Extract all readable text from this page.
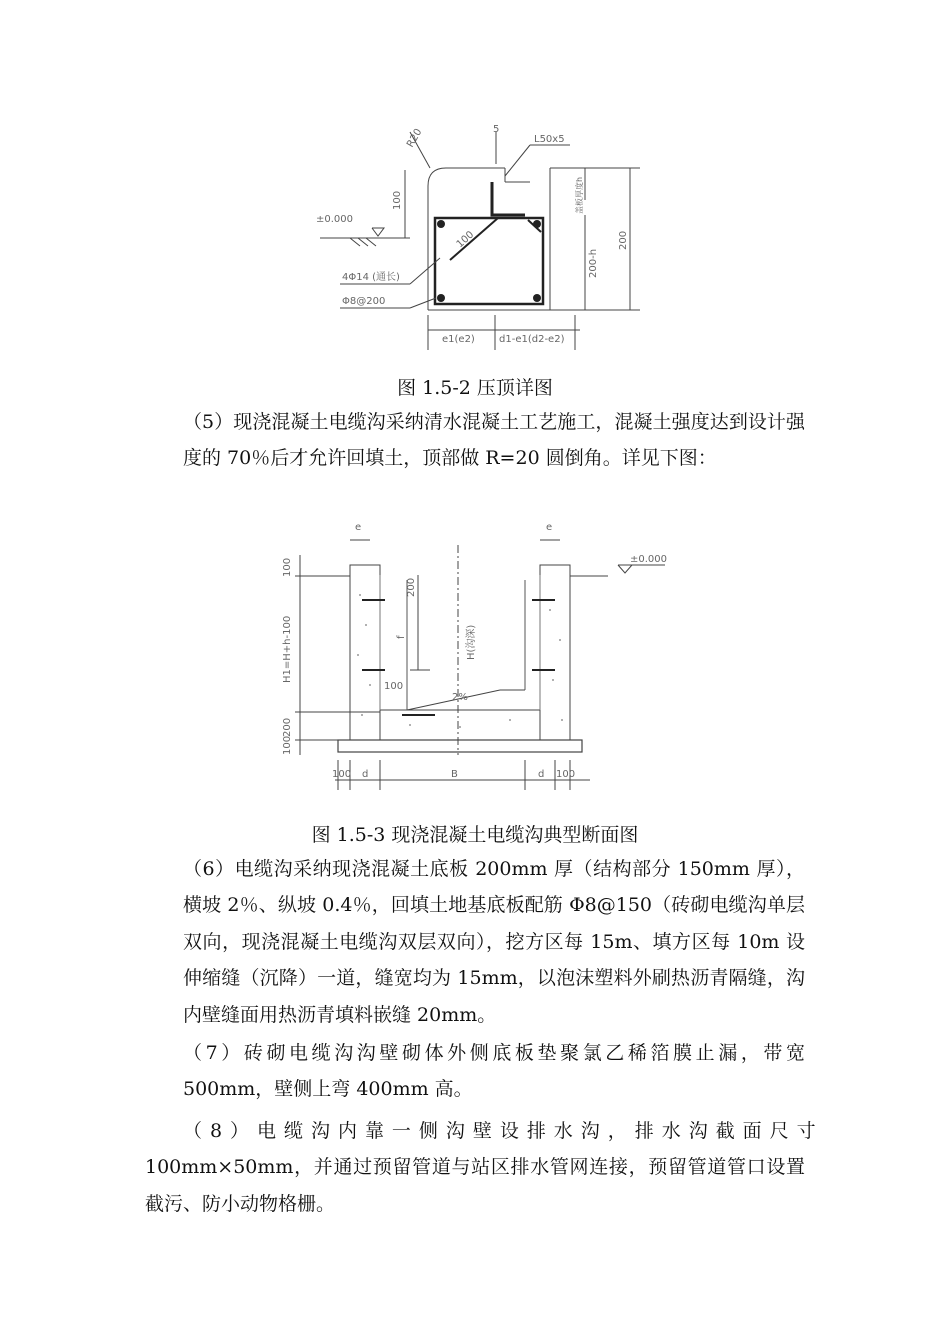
R20	5
L50x5
±0.000
100
100
4Φ14 (通长)
Φ8@200
盖板厚度h
200-h
200
e1(e2) d1-e1(d2-e2)
图 1.5-2 压顶详图

（5）现浇混凝土电缆沟采纳清水混凝土工艺施工，混凝土强度达到设计强度的 70％后才允许回填土，顶部做 R=20 圆倒角。详见下图：

e	e
±0.000
100
200
f	H(沟深)
H1=H+h-100
2%
100
200
100
100 d	B	d 100
图 1.5-3 现浇混凝土电缆沟典型断面图

（6）电缆沟采纳现浇混凝土底板 200mm 厚（结构部分 150mm 厚），横坡 2％、纵坡 0.4％，回填土地基底板配筋 Φ8@150（砖砌电缆沟单层双向，现浇混凝土电缆沟双层双向），挖方区每 15m、填方区每 10m 设伸缩缝（沉降）一道，缝宽均为 15mm，以泡沫塑料外刷热沥青隔缝，沟内壁缝面用热沥青填料嵌缝 20mm。

（7）砖砌电缆沟沟壁砌体外侧底板垫聚氯乙稀箔膜止漏，带宽 500mm，壁侧上弯 400mm 高。

（8）电缆沟内靠一侧沟壁设排水沟，排水沟截面尺寸

100mm×50mm，并通过预留管道与站区排水管网连接，预留管道管口设置截污、防小动物格栅。
